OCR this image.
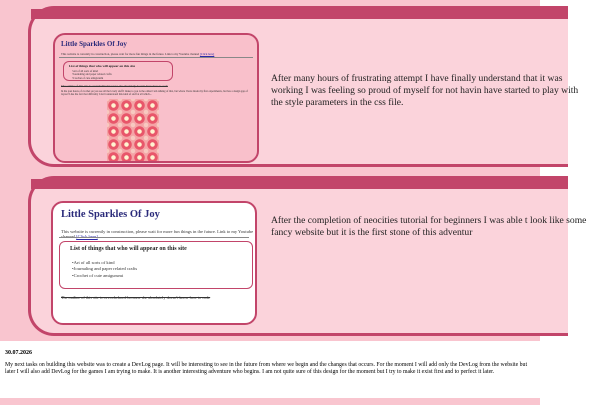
Little Sparkles Of Joy
This website is currently in construction, please wait for more fun things in the future. Link to my Youtube channel [Click here]
List of things that who will appear on this site
• Art of all sorts of kind
• Journaling and paper related crafts
• Crochet of cute amigurumi
The outline of this site is overwhelmed because she absolutely doesn't know how to code
In the past hours of crochet on you see all the lovely stuff I make to you is the oldest I am talking of that, but where I have made my first experiments, but has a design gap of layout! Like the fact that difficulty I don't understand this kind of stuff at all which...
After many hours of frustrating attempt I have finally understand that it was working I was feeling so proud of myself for not havin have started to play with the style parameters in the css file.
Little Sparkles Of Joy
This website is currently in construction, please wait for more fun things in the future. Link to my Youtube
List of things that who will appear on this site
• Art of all sorts of kind
• Journaling and paper related crafts
• Crochet of cute amigurumi
The outline of this site is overwhelmed because she absolutely doesn't know how to code
After the completion of neocities tutorial for beginners I was able t look like some fancy website but it is the first stone of this adventur
30.07.2026
My next tasks on building this website was to create a DevLog page. It will be interesting to see in the future from where we begin and the changes that occurs. For the moment I will add only the DevLog from the website but later I will also add DevLog for the games I am trying to make. It is another interesting adventure who begins. I am not quite sure of this design for the moment but I try to make it exist first and to perfect it later.
